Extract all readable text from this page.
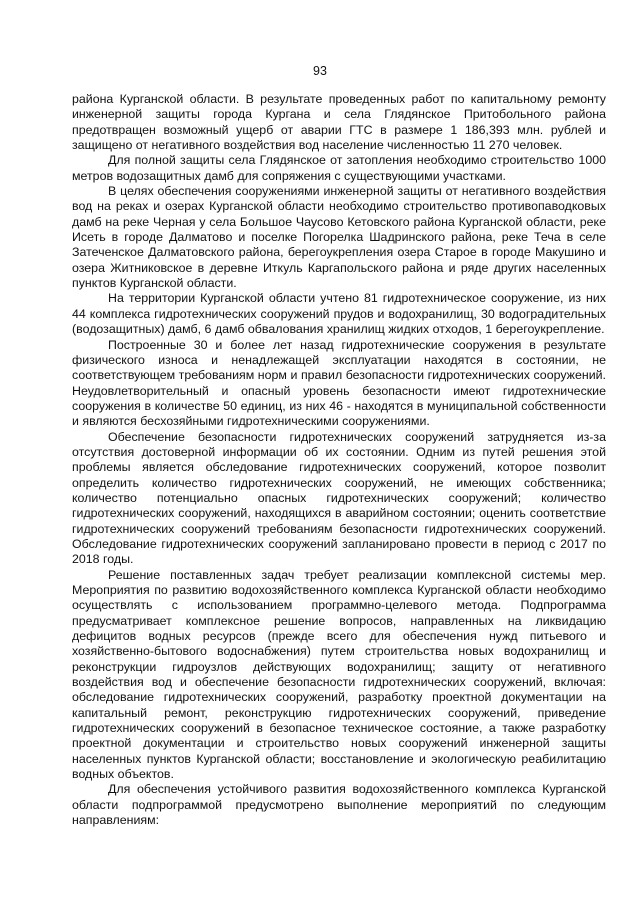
93

района Курганской области. В результате проведенных работ по капитальному ремонту инженерной защиты города Кургана и села Глядянское Притобольного района предотвращен возможный ущерб от аварии ГТС в размере 1 186,393 млн. рублей и защищено от негативного воздействия вод население численностью 11 270 человек.

Для полной защиты села Глядянское от затопления необходимо строительство 1000 метров водозащитных дамб для сопряжения с существующими участками.

В целях обеспечения сооружениями инженерной защиты от негативного воздействия вод на реках и озерах Курганской области необходимо строительство противопаводковых дамб на реке Черная у села Большое Чаусово Кетовского района Курганской области, реке Исеть в городе Далматово и поселке Погорелка Шадринского района, реке Теча в селе Затеченское Далматовского района, берегоукрепления озера Старое в городе Макушино и озера Житниковское в деревне Иткуль Каргапольского района и ряде других населенных пунктов Курганской области.

На территории Курганской области учтено 81 гидротехническое сооружение, из них 44 комплекса гидротехнических сооружений прудов и водохранилищ, 30 водоградительных (водозащитных) дамб, 6 дамб обвалования хранилищ жидких отходов, 1 берегоукрепление.

Построенные 30 и более лет назад гидротехнические сооружения в результате физического износа и ненадлежащей эксплуатации находятся в состоянии, не соответствующем требованиям норм и правил безопасности гидротехнических сооружений. Неудовлетворительный и опасный уровень безопасности имеют гидротехнические сооружения в количестве 50 единиц, из них 46 - находятся в муниципальной собственности и являются бесхозяйными гидротехническими сооружениями.

Обеспечение безопасности гидротехнических сооружений затрудняется из-за отсутствия достоверной информации об их состоянии. Одним из путей решения этой проблемы является обследование гидротехнических сооружений, которое позволит определить количество гидротехнических сооружений, не имеющих собственника; количество потенциально опасных гидротехнических сооружений; количество гидротехнических сооружений, находящихся в аварийном состоянии; оценить соответствие гидротехнических сооружений требованиям безопасности гидротехнических сооружений. Обследование гидротехнических сооружений запланировано провести в период с 2017 по 2018 годы.

Решение поставленных задач требует реализации комплексной системы мер. Мероприятия по развитию водохозяйственного комплекса Курганской области необходимо осуществлять с использованием программно-целевого метода. Подпрограмма предусматривает комплексное решение вопросов, направленных на ликвидацию дефицитов водных ресурсов (прежде всего для обеспечения нужд питьевого и хозяйственно-бытового водоснабжения) путем строительства новых водохранилищ и реконструкции гидроузлов действующих водохранилищ; защиту от негативного воздействия вод и обеспечение безопасности гидротехнических сооружений, включая: обследование гидротехнических сооружений, разработку проектной документации на капитальный ремонт, реконструкцию гидротехнических сооружений, приведение гидротехнических сооружений в безопасное техническое состояние, а также разработку проектной документации и строительство новых сооружений инженерной защиты населенных пунктов Курганской области; восстановление и экологическую реабилитацию водных объектов.

Для обеспечения устойчивого развития водохозяйственного комплекса Курганской области подпрограммой предусмотрено выполнение мероприятий по следующим направлениям:
